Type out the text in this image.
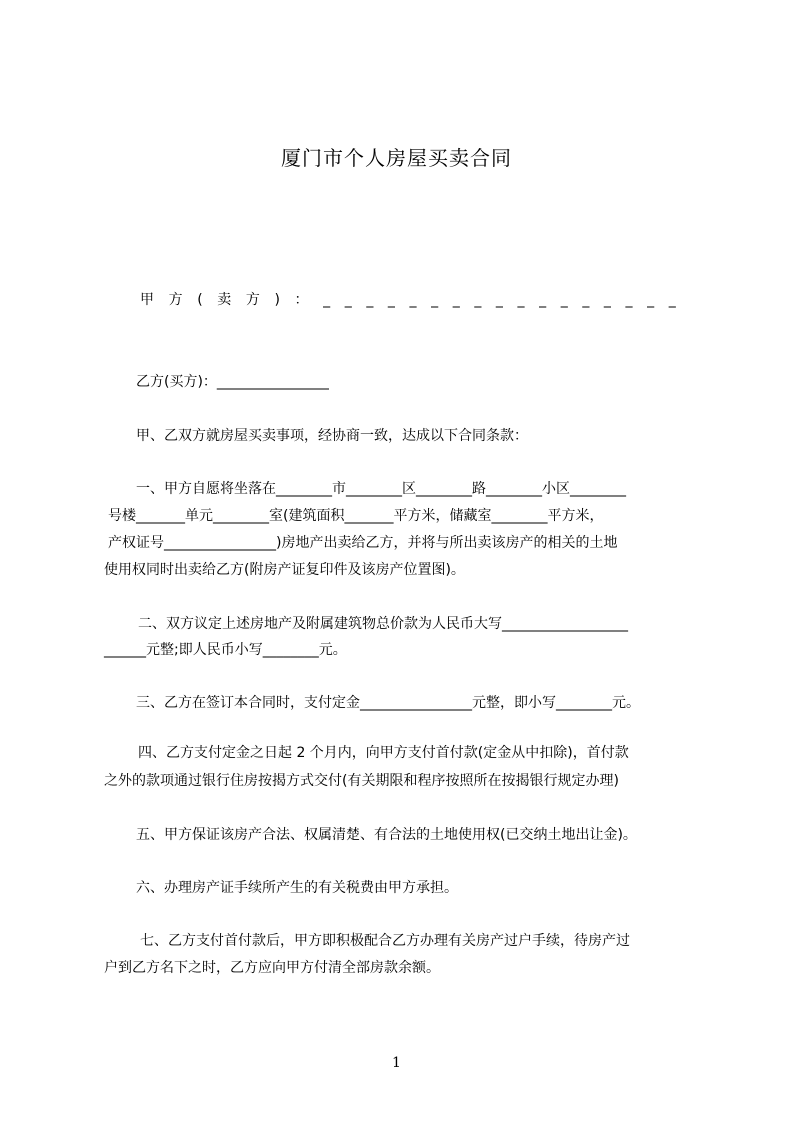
厦门市个人房屋买卖合同
甲方(卖方)：_________________
乙方(买方)：________________
甲、乙双方就房屋买卖事项，经协商一致，达成以下合同条款：
一、甲方自愿将坐落在________市________区________路________小区________
号楼_______单元________室(建筑面积_______平方米，储藏室________平方米，
产权证号________________)房地产出卖给乙方，并将与所出卖该房产的相关的土地
使用权同时出卖给乙方(附房产证复印件及该房产位置图)。
二、双方议定上述房地产及附属建筑物总价款为人民币大写__________________
______元整;即人民币小写________元。
三、乙方在签订本合同时，支付定金________________元整，即小写________元。
四、乙方支付定金之日起 2 个月内，向甲方支付首付款(定金从中扣除)，首付款
之外的款项通过银行住房按揭方式交付(有关期限和程序按照所在按揭银行规定办理)
五、甲方保证该房产合法、权属清楚、有合法的土地使用权(已交纳土地出让金)。
六、办理房产证手续所产生的有关税费由甲方承担。
七、乙方支付首付款后，甲方即积极配合乙方办理有关房产过户手续，待房产过
户到乙方名下之时，乙方应向甲方付清全部房款余额。
1
